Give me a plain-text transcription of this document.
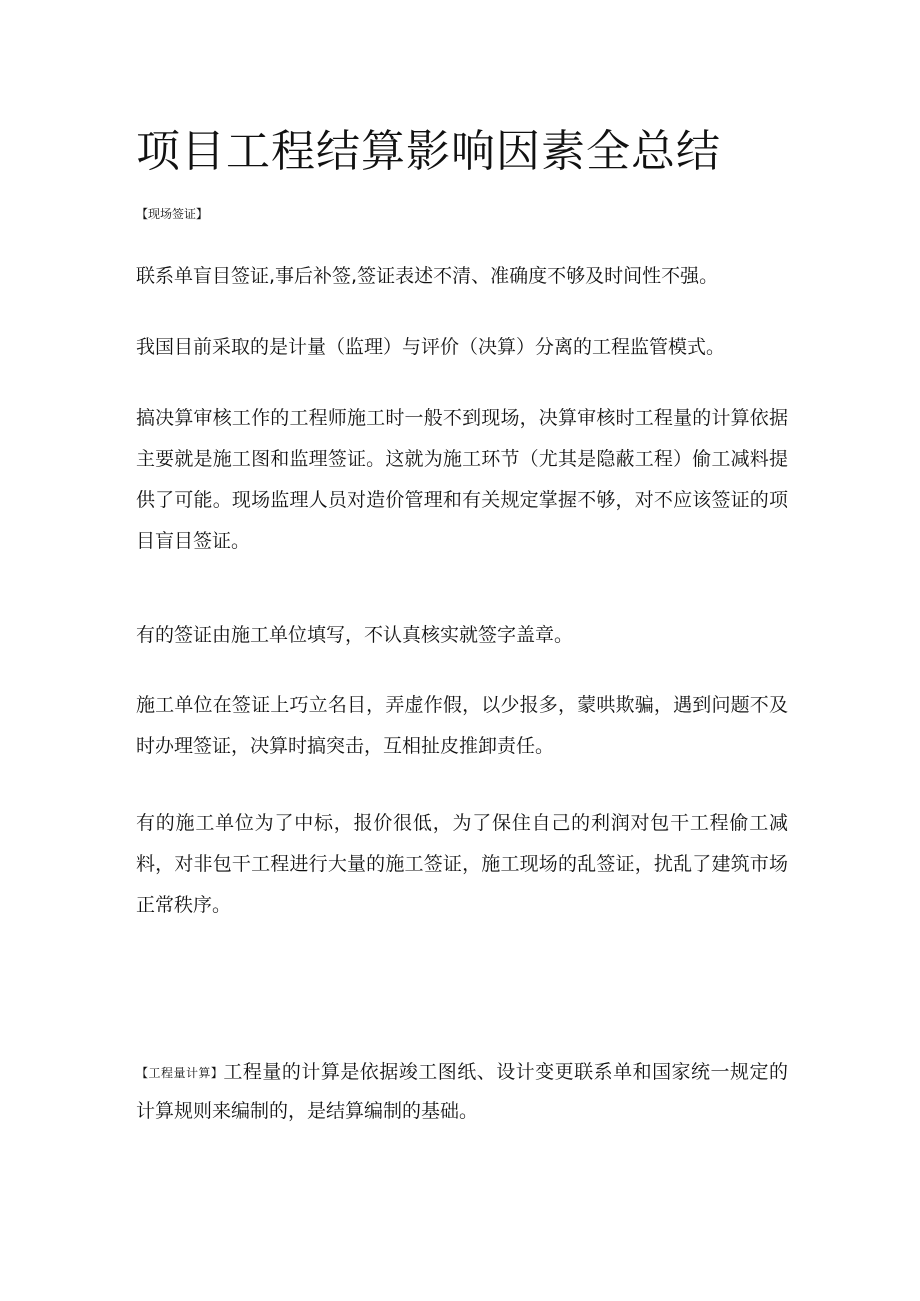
项目工程结算影响因素全总结
【现场签证】

联系单盲目签证,事后补签,签证表述不清、准确度不够及时间性不强。

我国目前采取的是计量（监理）与评价（决算）分离的工程监管模式。

搞决算审核工作的工程师施工时一般不到现场，决算审核时工程量的计算依据主要就是施工图和监理签证。这就为施工环节（尤其是隐蔽工程）偷工减料提供了可能。现场监理人员对造价管理和有关规定掌握不够，对不应该签证的项目盲目签证。

有的签证由施工单位填写，不认真核实就签字盖章。

施工单位在签证上巧立名目，弄虚作假，以少报多，蒙哄欺骗，遇到问题不及时办理签证，决算时搞突击，互相扯皮推卸责任。

有的施工单位为了中标，报价很低，为了保住自己的利润对包干工程偷工减料，对非包干工程进行大量的施工签证，施工现场的乱签证，扰乱了建筑市场正常秩序。

【工程量计算】工程量的计算是依据竣工图纸、设计变更联系单和国家统一规定的计算规则来编制的，是结算编制的基础。
